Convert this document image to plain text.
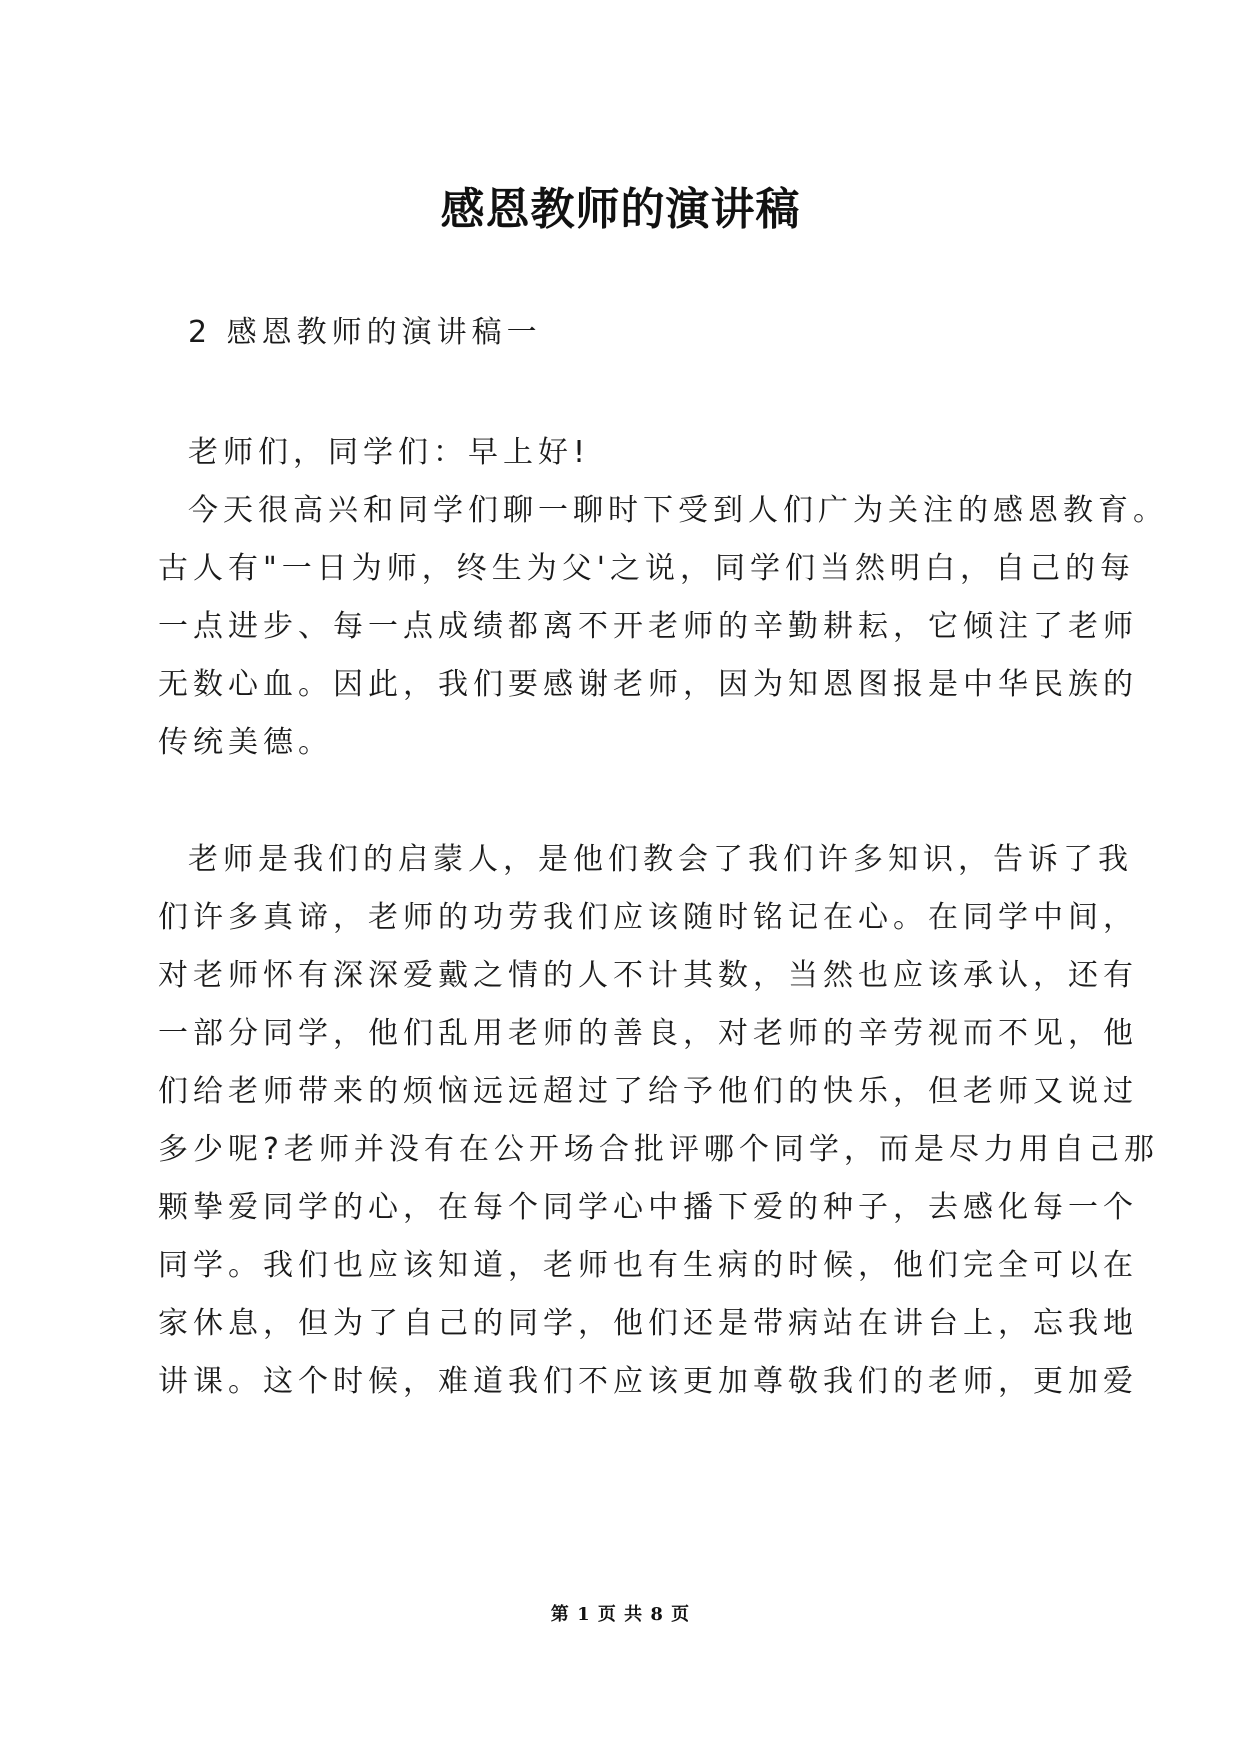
感恩教师的演讲稿
2 感恩教师的演讲稿一
老师们，同学们：早上好!
今天很高兴和同学们聊一聊时下受到人们广为关注的感恩教育。
古人有"一日为师，终生为父'之说，同学们当然明白，自己的每
一点进步、每一点成绩都离不开老师的辛勤耕耘，它倾注了老师
无数心血。因此，我们要感谢老师，因为知恩图报是中华民族的
传统美德。
老师是我们的启蒙人，是他们教会了我们许多知识，告诉了我
们许多真谛，老师的功劳我们应该随时铭记在心。在同学中间，
对老师怀有深深爱戴之情的人不计其数，当然也应该承认，还有
一部分同学，他们乱用老师的善良，对老师的辛劳视而不见，他
们给老师带来的烦恼远远超过了给予他们的快乐，但老师又说过
多少呢?老师并没有在公开场合批评哪个同学，而是尽力用自己那
颗挚爱同学的心，在每个同学心中播下爱的种子，去感化每一个
同学。我们也应该知道，老师也有生病的时候，他们完全可以在
家休息，但为了自己的同学，他们还是带病站在讲台上，忘我地
讲课。这个时候，难道我们不应该更加尊敬我们的老师，更加爱
第 1 页 共 8 页
